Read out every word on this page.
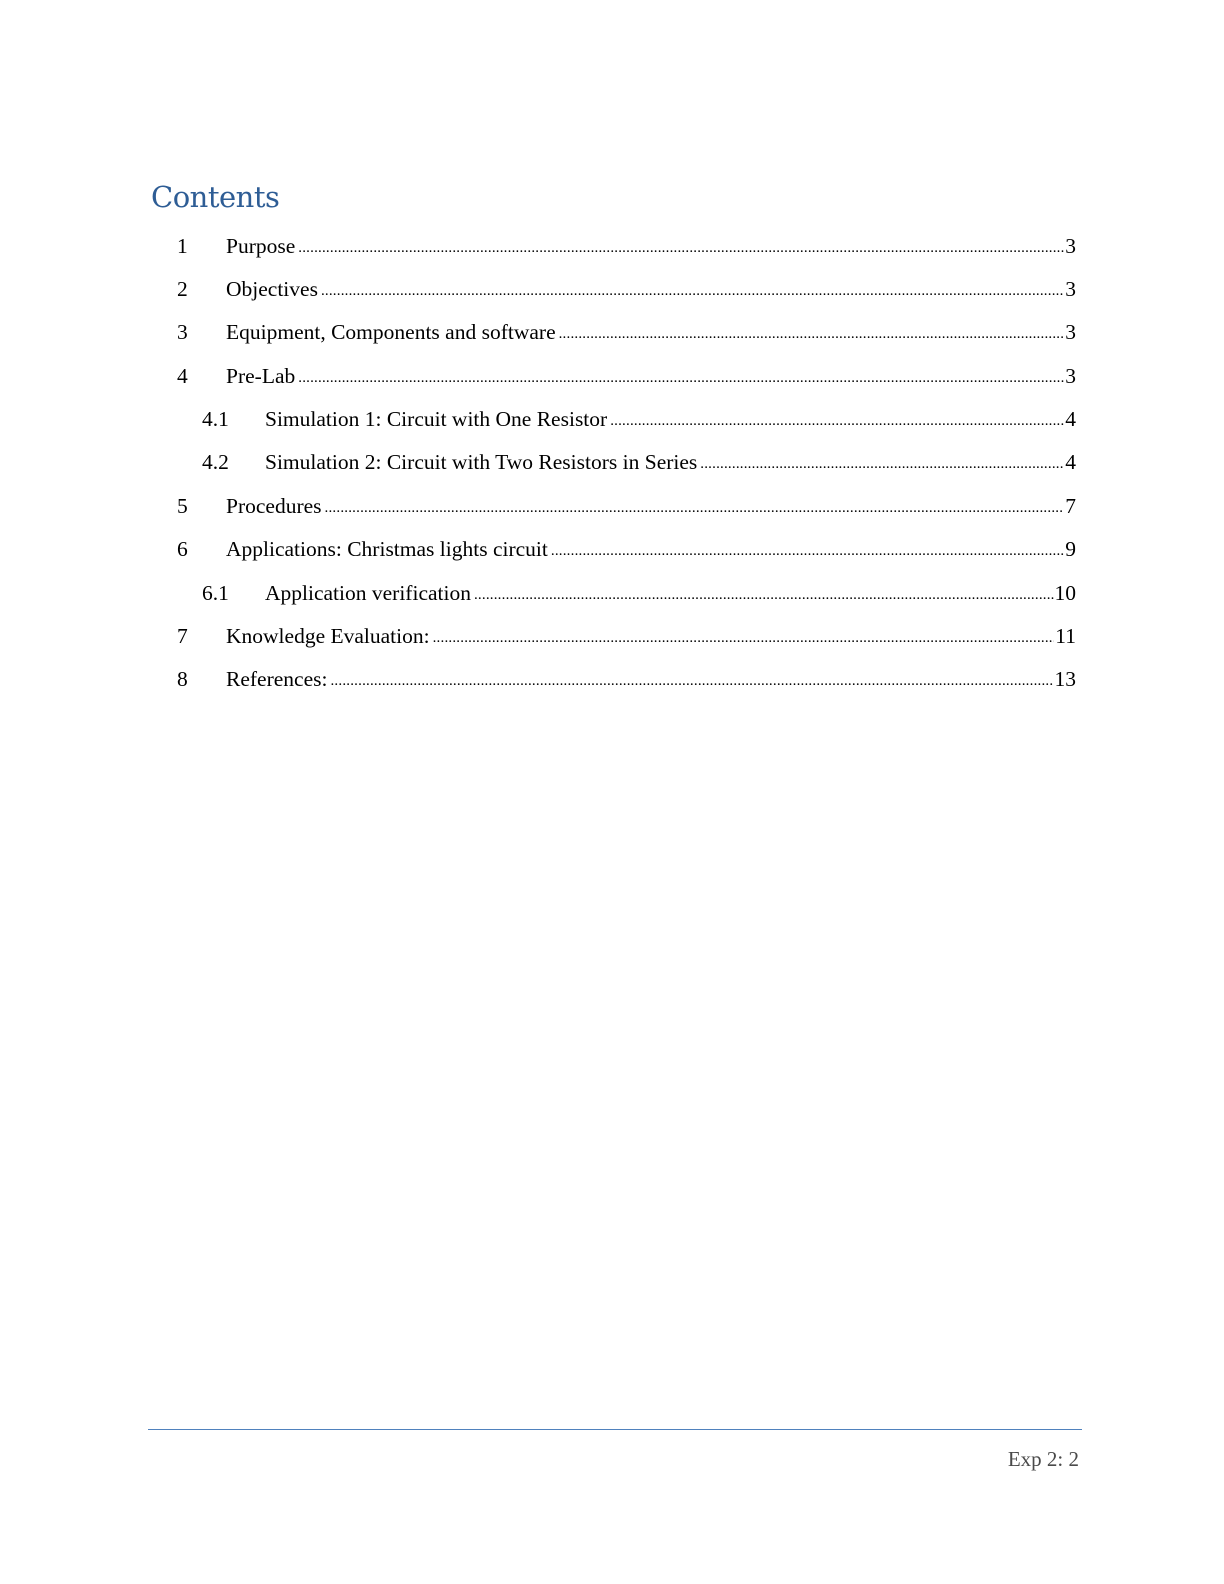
Contents
1	Purpose .....	3
2	Objectives .....	3
3	Equipment, Components and software .....	3
4	Pre-Lab .....	3
4.1	Simulation 1: Circuit with One Resistor .....	4
4.2	Simulation 2: Circuit with Two Resistors in Series .....	4
5	Procedures .....	7
6	Applications: Christmas lights circuit .....	9
6.1	Application verification .....	10
7	Knowledge Evaluation: .....	11
8	References: .....	13
Exp 2: 2
